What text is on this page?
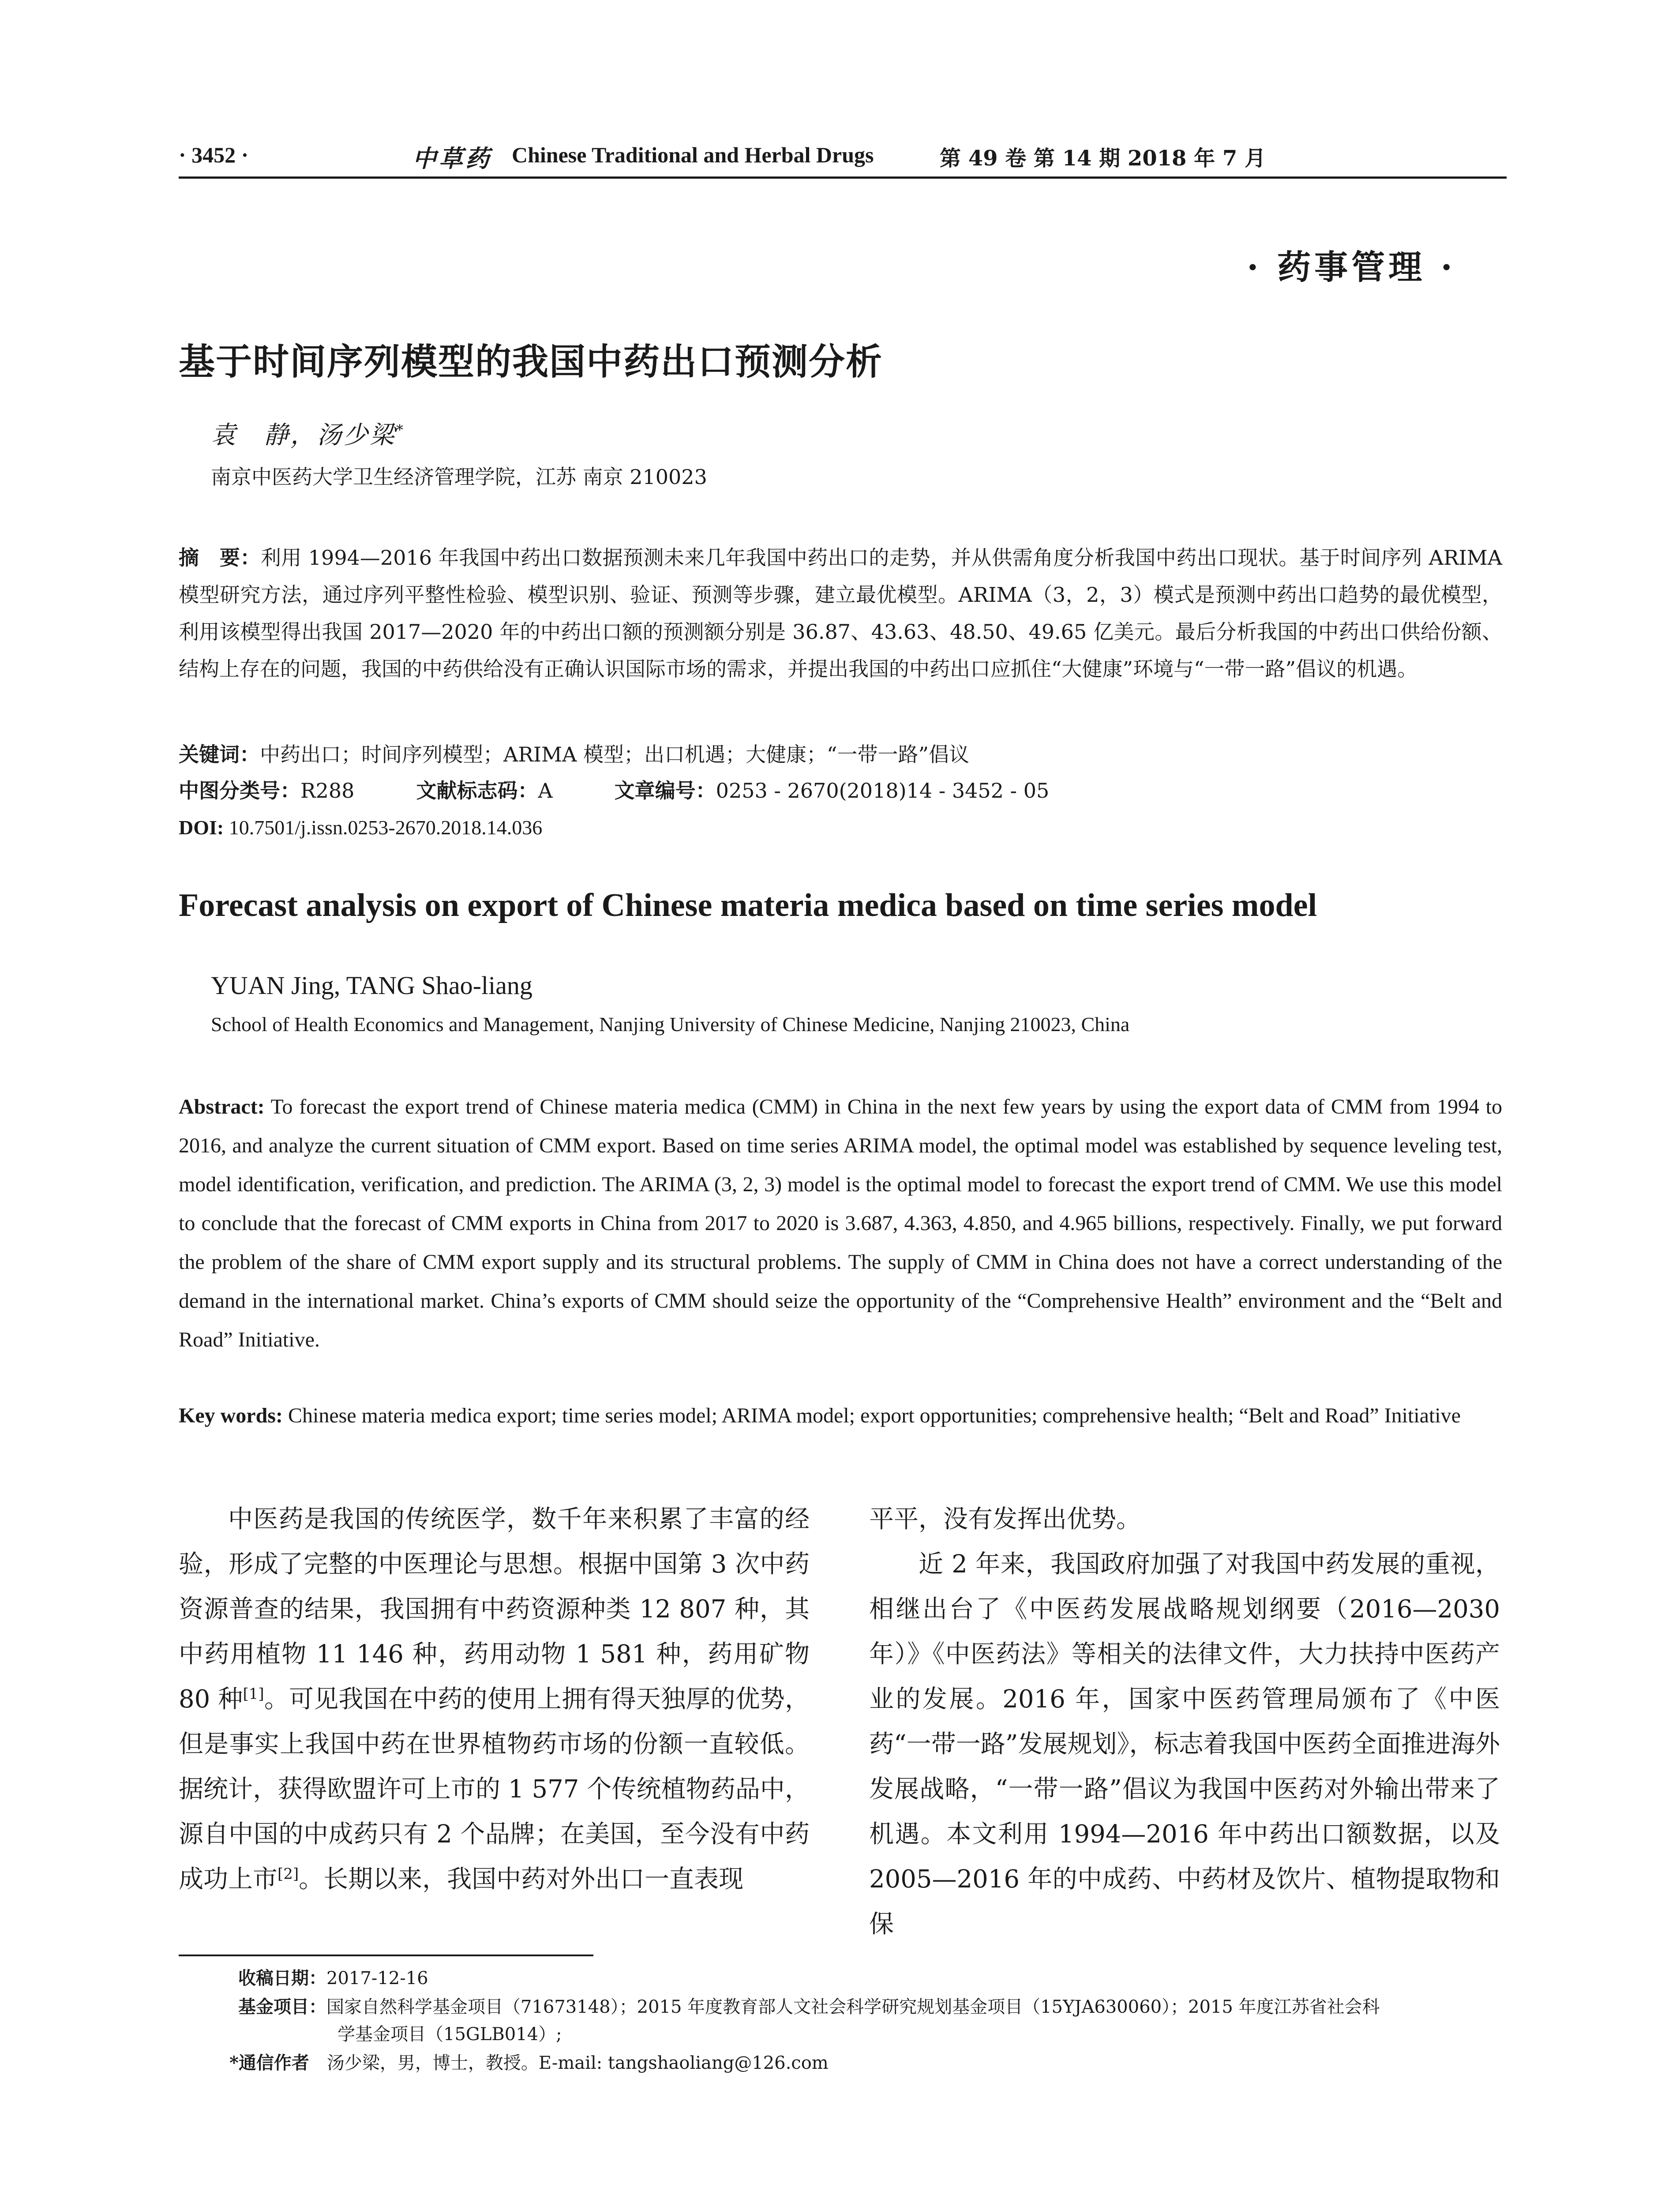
· 3452 ·	中草药 Chinese Traditional and Herbal Drugs	第 49 卷 第 14 期 2018 年 7 月
· 药事管理 ·
基于时间序列模型的我国中药出口预测分析
袁　静，汤少梁*
南京中医药大学卫生经济管理学院，江苏 南京 210023
摘　要：利用 1994—2016 年我国中药出口数据预测未来几年我国中药出口的走势，并从供需角度分析我国中药出口现状。基于时间序列 ARIMA 模型研究方法，通过序列平整性检验、模型识别、验证、预测等步骤，建立最优模型。ARIMA（3，2，3）模式是预测中药出口趋势的最优模型，利用该模型得出我国 2017—2020 年的中药出口额的预测额分别是 36.87、43.63、48.50、49.65 亿美元。最后分析我国的中药出口供给份额、结构上存在的问题，我国的中药供给没有正确认识国际市场的需求，并提出我国的中药出口应抓住“大健康”环境与“一带一路”倡议的机遇。
关键词：中药出口；时间序列模型；ARIMA 模型；出口机遇；大健康；“一带一路”倡议
中图分类号：R288	文献标志码：A	文章编号：0253 - 2670(2018)14 - 3452 - 05
DOI: 10.7501/j.issn.0253-2670.2018.14.036
Forecast analysis on export of Chinese materia medica based on time series model
YUAN Jing, TANG Shao-liang
School of Health Economics and Management, Nanjing University of Chinese Medicine, Nanjing 210023, China
Abstract: To forecast the export trend of Chinese materia medica (CMM) in China in the next few years by using the export data of CMM from 1994 to 2016, and analyze the current situation of CMM export. Based on time series ARIMA model, the optimal model was established by sequence leveling test, model identification, verification, and prediction. The ARIMA (3, 2, 3) model is the optimal model to forecast the export trend of CMM. We use this model to conclude that the forecast of CMM exports in China from 2017 to 2020 is 3.687, 4.363, 4.850, and 4.965 billions, respectively. Finally, we put forward the problem of the share of CMM export supply and its structural problems. The supply of CMM in China does not have a correct understanding of the demand in the international market. China’s exports of CMM should seize the opportunity of the “Comprehensive Health” environment and the “Belt and Road” Initiative.
Key words: Chinese materia medica export; time series model; ARIMA model; export opportunities; comprehensive health; “Belt and Road” Initiative

中医药是我国的传统医学，数千年来积累了丰富的经验，形成了完整的中医理论与思想。根据中国第 3 次中药资源普查的结果，我国拥有中药资源种类 12 807 种，其中药用植物 11 146 种，药用动物 1 581 种，药用矿物 80 种[1]。可见我国在中药的使用上拥有得天独厚的优势，但是事实上我国中药在世界植物药市场的份额一直较低。据统计，获得欧盟许可上市的 1 577 个传统植物药品中，源自中国的中成药只有 2 个品牌；在美国，至今没有中药成功上市[2]。长期以来，我国中药对外出口一直表现

平平，没有发挥出优势。

近 2 年来，我国政府加强了对我国中药发展的重视，相继出台了《中医药发展战略规划纲要（2016—2030 年）》《中医药法》等相关的法律文件，大力扶持中医药产业的发展。2016 年，国家中医药管理局颁布了《中医药“一带一路”发展规划》，标志着我国中医药全面推进海外发展战略，“一带一路”倡议为我国中医药对外输出带来了机遇。本文利用 1994—2016 年中药出口额数据，以及 2005—2016 年的中成药、中药材及饮片、植物提取物和保

收稿日期：2017-12-16
基金项目：国家自然科学基金项目（71673148）；2015 年度教育部人文社会科学研究规划基金项目（15YJA630060）；2015 年度江苏省社会科
学基金项目（15GLB014）;
*通信作者　汤少梁，男，博士，教授。E-mail: tangshaoliang@126.com
